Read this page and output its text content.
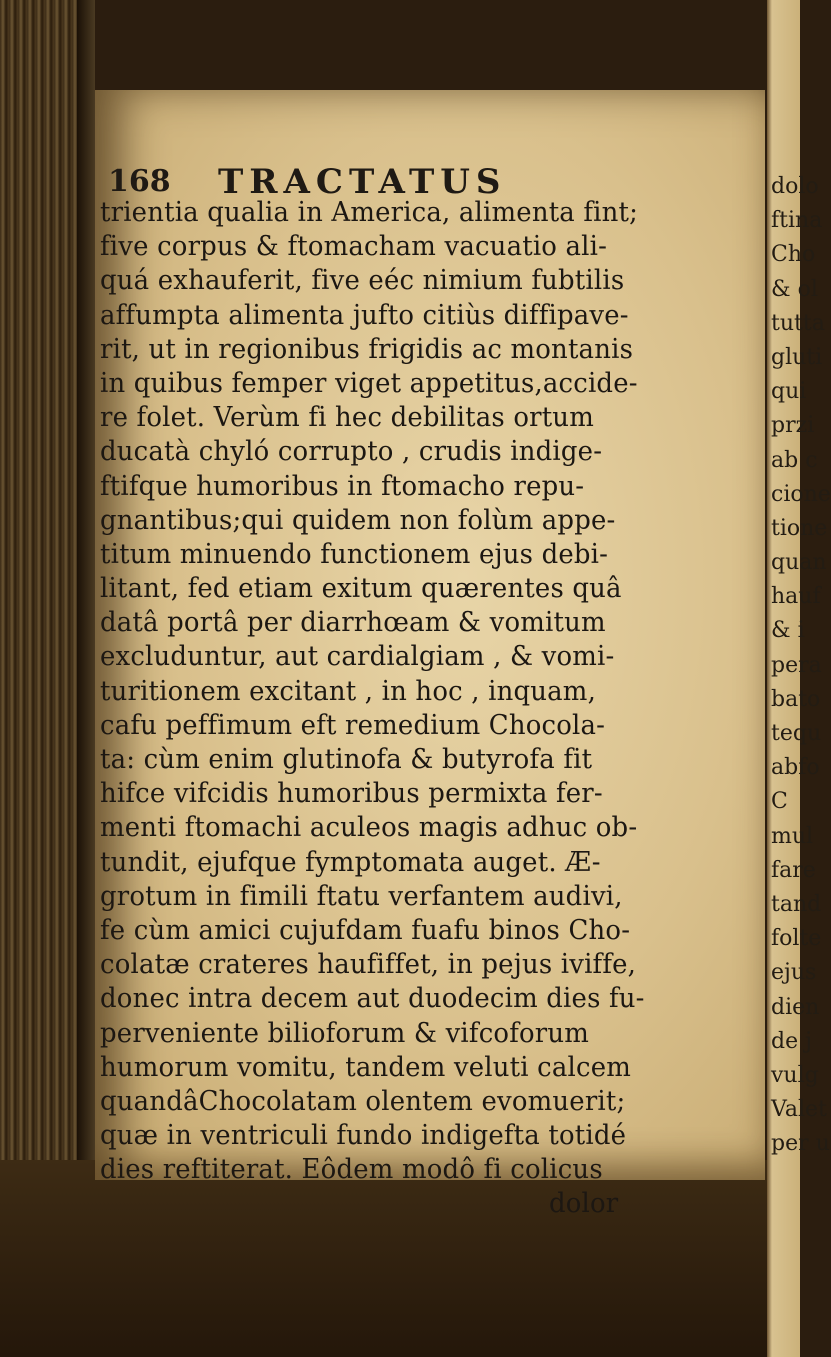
168 TRACTATUS
trientia qualia in America, alimenta fint;
five corpus & ftomacham vacuatio ali-
quá exhauferit, five eéc nimium fubtilis
affumpta alimenta jufto citiùs diffipave-
rit, ut in regionibus frigidis ac montanis
in quibus femper viget appetitus,accide-
re folet. Verùm fi hec debilitas ortum
ducatà chyló corrupto , crudis indige-
ftifque humoribus in ftomacho repu-
gnantibus;qui quidem non folùm appe-
titum minuendo functionem ejus debi-
litant, fed etiam exitum quærentes quâ
datâ portâ per diarrhœam & vomitum
excluduntur, aut cardialgiam , & vomi-
turitionem excitant , in hoc , inquam,
cafu peffimum eft remedium Chocola-
ta: cùm enim glutinofa & butyrofa fit
hifce vifcidis humoribus permixta fer-
menti ftomachi aculeos magis adhuc ob-
tundit, ejufque fymptomata auget. Æ-
grotum in fimili ftatu verfantem audivi,
fe cùm amici cujufdam fuafu binos Cho-
colatæ crateres haufiffet, in pejus iviffe,
donec intra decem aut duodecim dies fu-
perveniente bilioforum & vifcoforum
humorum vomitu, tandem veluti calcem
quandâChocolatam olentem evomuerit;
quæ in ventriculi fundo indigefta totidé
dies reftiterat. Eôdem modô fi colicus
dolor
dolo
ftina
Cho
& ol
tutta
gluti
qui
przi
ab c
cione
tione
quan
hauf
& i
pera
bato
tequ
abfo
C
mul
fare
tand
folte
ejus
dien
de j
vulg
Valet
per u
